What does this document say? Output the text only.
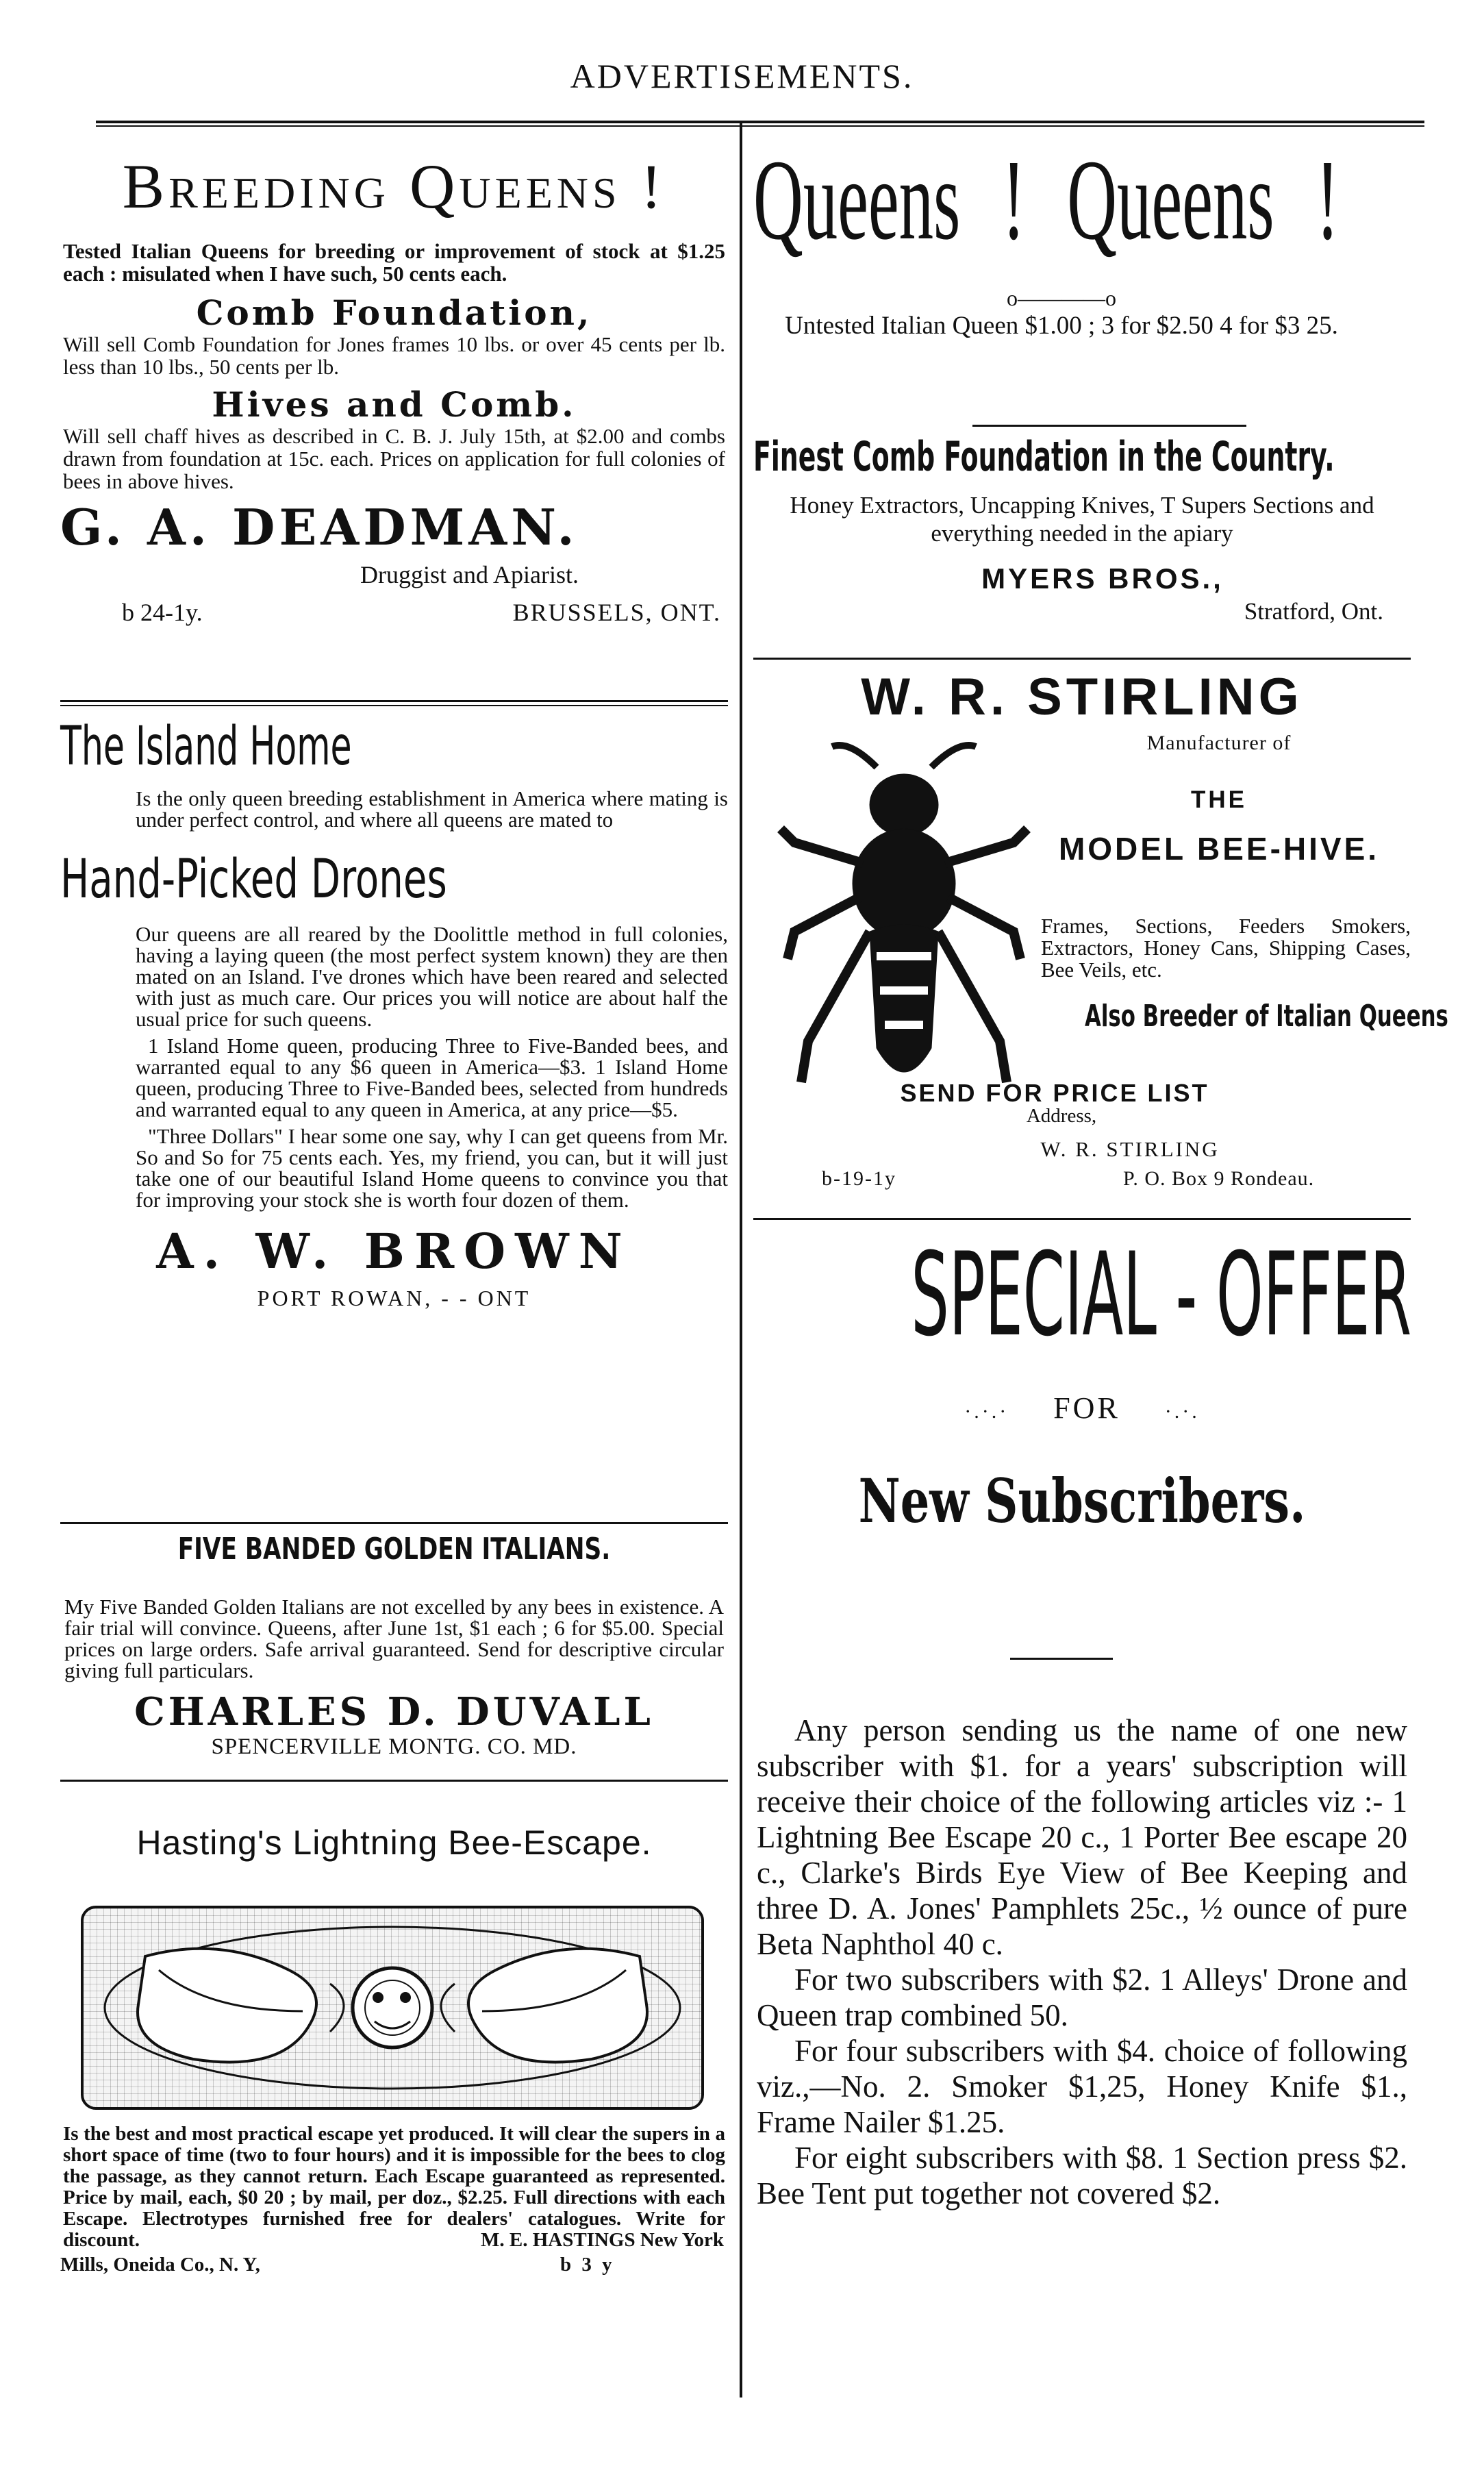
ADVERTISEMENTS.
Breeding Queens !
Tested Italian Queens for breeding or improvement of stock at $1.25 each : misulated when I have such, 50 cents each.
Comb Foundation,
Will sell Comb Foundation for Jones frames 10 lbs. or over 45 cents per lb. less than 10 lbs., 50 cents per lb.
Hives and Comb.
Will sell chaff hives as described in C. B. J. July 15th, at $2.00 and combs drawn from foundation at 15c. each. Prices on application for full colonies of bees in above hives.
G. A. DEADMAN.
Druggist and Apiarist.
b 24-1y.	BRUSSELS, ONT.
The Island Home
Is the only queen breeding establishment in America where mating is under perfect control, and where all queens are mated to
Hand-Picked Drones
Our queens are all reared by the Doolittle method in full colonies, having a laying queen (the most perfect system known) they are then mated on an Island. I've drones which have been reared and selected with just as much care. Our prices you will notice are about half the usual price for such queens.
1 Island Home queen, producing Three to Five-Banded bees, and warranted equal to any $6 queen in America—$3. 1 Island Home queen, producing Three to Five-Banded bees, selected from hundreds and warranted equal to any queen in America, at any price—$5.
"Three Dollars" I hear some one say, why I can get queens from Mr. So and So for 75 cents each. Yes, my friend, you can, but it will just take one of our beautiful Island Home queens to convince you that for improving your stock she is worth four dozen of them.
A. W. BROWN
PORT ROWAN, - - ONT
FIVE BANDED GOLDEN ITALIANS.
My Five Banded Golden Italians are not excelled by any bees in existence. A fair trial will convince. Queens, after June 1st, $1 each ; 6 for $5.00. Special prices on large orders. Safe arrival guaranteed. Send for descriptive circular giving full particulars.
CHARLES D. DUVALL
SPENCERVILLE MONTG. CO. MD.
Hasting's Lightning Bee-Escape.
Is the best and most practical escape yet produced. It will clear the supers in a short space of time (two to four hours) and it is impossible for the bees to clog the passage, as they cannot return. Each Escape guaranteed as represented. Price by mail, each, $0 20 ; by mail, per doz., $2.25. Full directions with each Escape. Electrotypes furnished free for dealers' catalogues. Write for discount.	M. E. HASTINGS New York
Mills, Oneida Co., N. Y,	b 3 y
Queens ! Queens !
o————o
Untested Italian Queen $1.00 ; 3 for $2.50 4 for $3 25.
Finest Comb Foundation in the Country.
Honey Extractors, Uncapping Knives, T Supers Sections and everything needed in the apiary
MYERS BROS.,
Stratford, Ont.
W. R. STIRLING
Manufacturer of
THE
MODEL BEE-HIVE.
Frames, Sections, Feeders Smokers, Extractors, Honey Cans, Shipping Cases, Bee Veils, etc.
Also Breeder of Italian Queens
SEND FOR PRICE LIST
Address,
W. R. STIRLING
b-19-1y	P. O. Box 9 Rondeau.
SPECIAL - OFFER
·.·.· FOR ·.·.
New Subscribers.
Any person sending us the name of one new subscriber with $1. for a years' subscription will receive their choice of the following articles viz :- 1 Lightning Bee Escape 20 c., 1 Porter Bee escape 20 c., Clarke's Birds Eye View of Bee Keeping and three D. A. Jones' Pamphlets 25c., ½ ounce of pure Beta Naphthol 40 c.
For two subscribers with $2. 1 Alleys' Drone and Queen trap combined 50.
For four subscribers with $4. choice of following viz.,—No. 2. Smoker $1,25, Honey Knife $1., Frame Nailer $1.25.
For eight subscribers with $8. 1 Section press $2. Bee Tent put together not covered $2.
